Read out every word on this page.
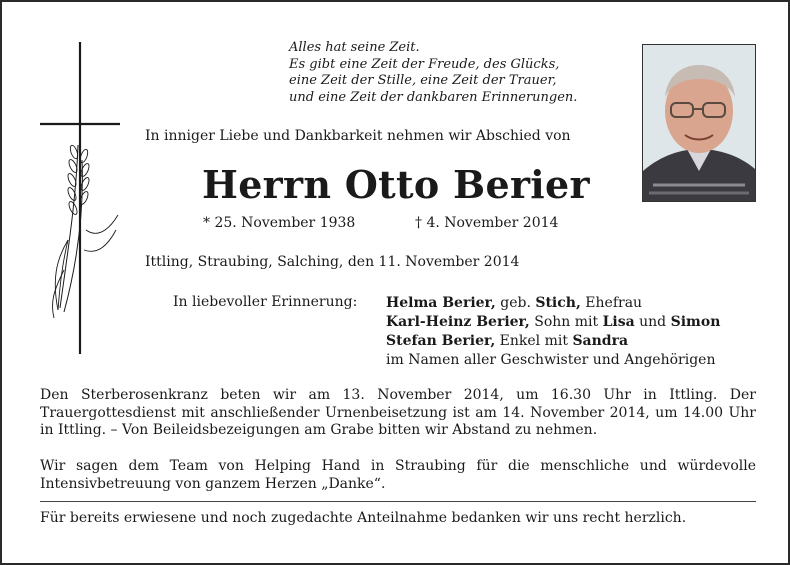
Alles hat seine Zeit.
Es gibt eine Zeit der Freude, des Glücks,
eine Zeit der Stille, eine Zeit der Trauer,
und eine Zeit der dankbaren Erinnerungen.
In inniger Liebe und Dankbarkeit nehmen wir Abschied von
Herrn Otto Berier
* 25. November 1938	† 4. November 2014
Ittling, Straubing, Salching, den 11. November 2014
In liebevoller Erinnerung: Helma Berier, geb. Stich, Ehefrau
Karl-Heinz Berier, Sohn mit Lisa und Simon
Stefan Berier, Enkel mit Sandra
im Namen aller Geschwister und Angehörigen
Den Sterberosenkranz beten wir am 13. November 2014, um 16.30 Uhr in Ittling. Der Trauergottesdienst mit anschließender Urnenbeisetzung ist am 14. November 2014, um 14.00 Uhr in Ittling. – Von Beileidsbezeigungen am Grabe bitten wir Abstand zu nehmen.
Wir sagen dem Team von Helping Hand in Straubing für die menschliche und würdevolle Intensivbetreuung von ganzem Herzen „Danke“.
Für bereits erwiesene und noch zugedachte Anteilnahme bedanken wir uns recht herzlich.
